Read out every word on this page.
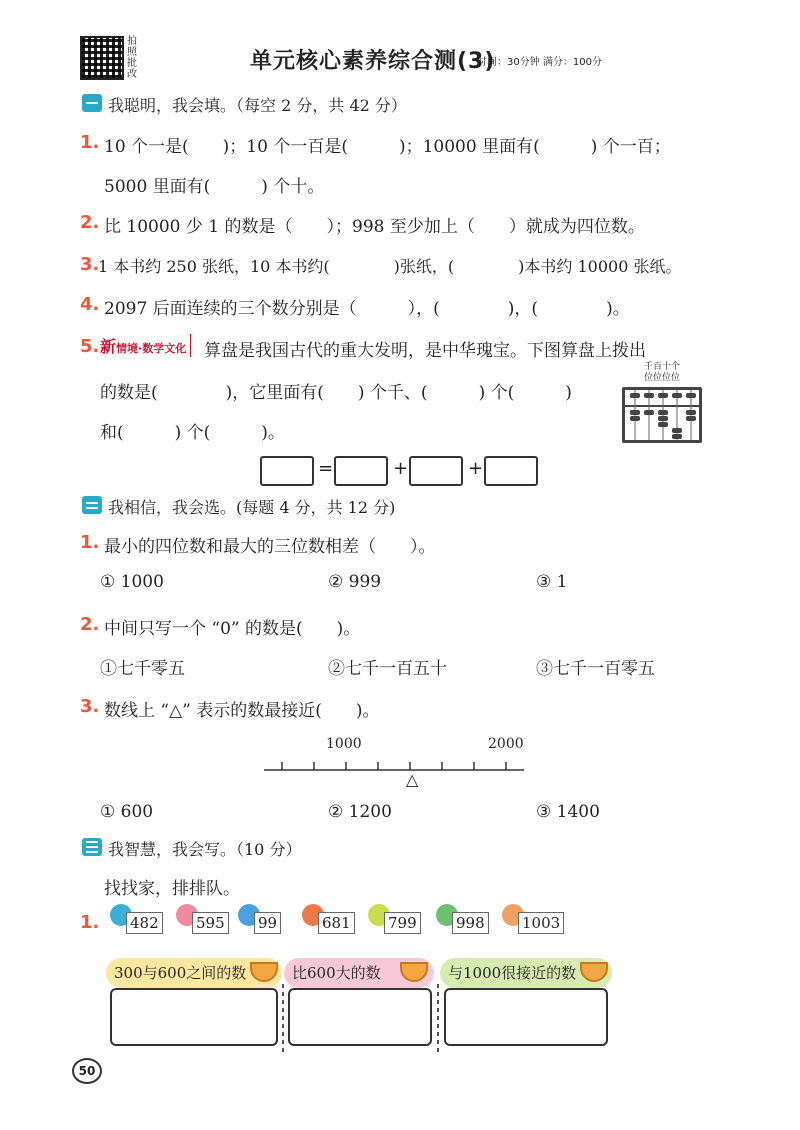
拍照批改
单元核心素养综合测(3)
时间：30分钟 满分：100分
我聪明，我会填。（每空 2 分，共 42 分）
1. 10 个一是(　　)；10 个一百是(　　　)；10000 里面有(　　　) 个一百；
5000 里面有(　　　) 个十。
2. 比 10000 少 1 的数是（　　）；998 至少加上（　　）就成为四位数。
3.
1 本书约 250 张纸，10 本书约(　　　　)张纸，(　　　　)本书约 10000 张纸。
4. 2097 后面连续的三个数分别是（　　　），(　　　　)，(　　　　)。
5. 新情境·数学文化	算盘是我国古代的重大发明，是中华瑰宝。下图算盘上拨出
的数是(　　　　)，它里面有(　　) 个千、(　　　) 个(　　　)
和(　　　) 个(　　　)。
千百十个位位位位
=	+	+
我相信，我会选。(每题 4 分，共 12 分)
1. 最小的四位数和最大的三位数相差（　　）。
① 1000	② 999	③ 1
2. 中间只写一个 “0” 的数是(　　)。
①七千零五	②七千一百五十	③七千一百零五
3. 数线上 “△” 表示的数最接近(　　)。
1000	2000
△
① 600	② 1200	③ 1400
我智慧，我会写。（10 分）
找找家，排排队。
1. 482 595 99	681 799	998 1003
300与600之间的数	比600大的数	与1000很接近的数
50
